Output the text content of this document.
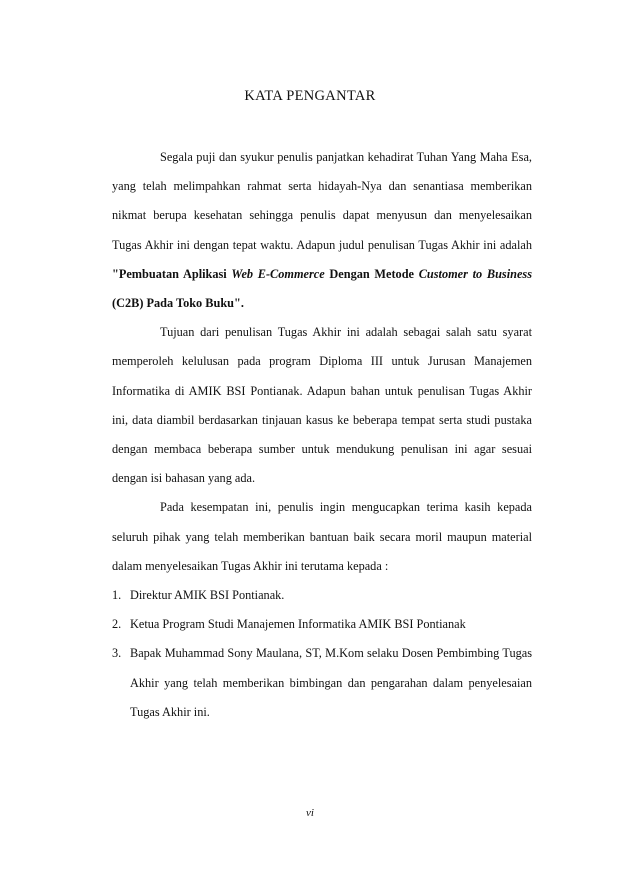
KATA PENGANTAR

Segala puji dan syukur penulis panjatkan kehadirat Tuhan Yang Maha Esa, yang telah melimpahkan rahmat serta hidayah-Nya dan senantiasa memberikan nikmat berupa kesehatan sehingga penulis dapat menyusun dan menyelesaikan Tugas Akhir ini dengan tepat waktu. Adapun judul penulisan Tugas Akhir ini adalah "Pembuatan Aplikasi Web E-Commerce Dengan Metode Customer to Business (C2B) Pada Toko Buku".

Tujuan dari penulisan Tugas Akhir ini adalah sebagai salah satu syarat memperoleh kelulusan pada program Diploma III untuk Jurusan Manajemen Informatika di AMIK BSI Pontianak. Adapun bahan untuk penulisan Tugas Akhir ini, data diambil berdasarkan tinjauan kasus ke beberapa tempat serta studi pustaka dengan membaca beberapa sumber untuk mendukung penulisan ini agar sesuai dengan isi bahasan yang ada.

Pada kesempatan ini, penulis ingin mengucapkan terima kasih kepada seluruh pihak yang telah memberikan bantuan baik secara moril maupun material dalam menyelesaikan Tugas Akhir ini terutama kepada :

1. Direktur AMIK BSI Pontianak.
2. Ketua Program Studi Manajemen Informatika AMIK BSI Pontianak
3. Bapak Muhammad Sony Maulana, ST, M.Kom selaku Dosen Pembimbing Tugas Akhir yang telah memberikan bimbingan dan pengarahan dalam penyelesaian Tugas Akhir ini.
vi
